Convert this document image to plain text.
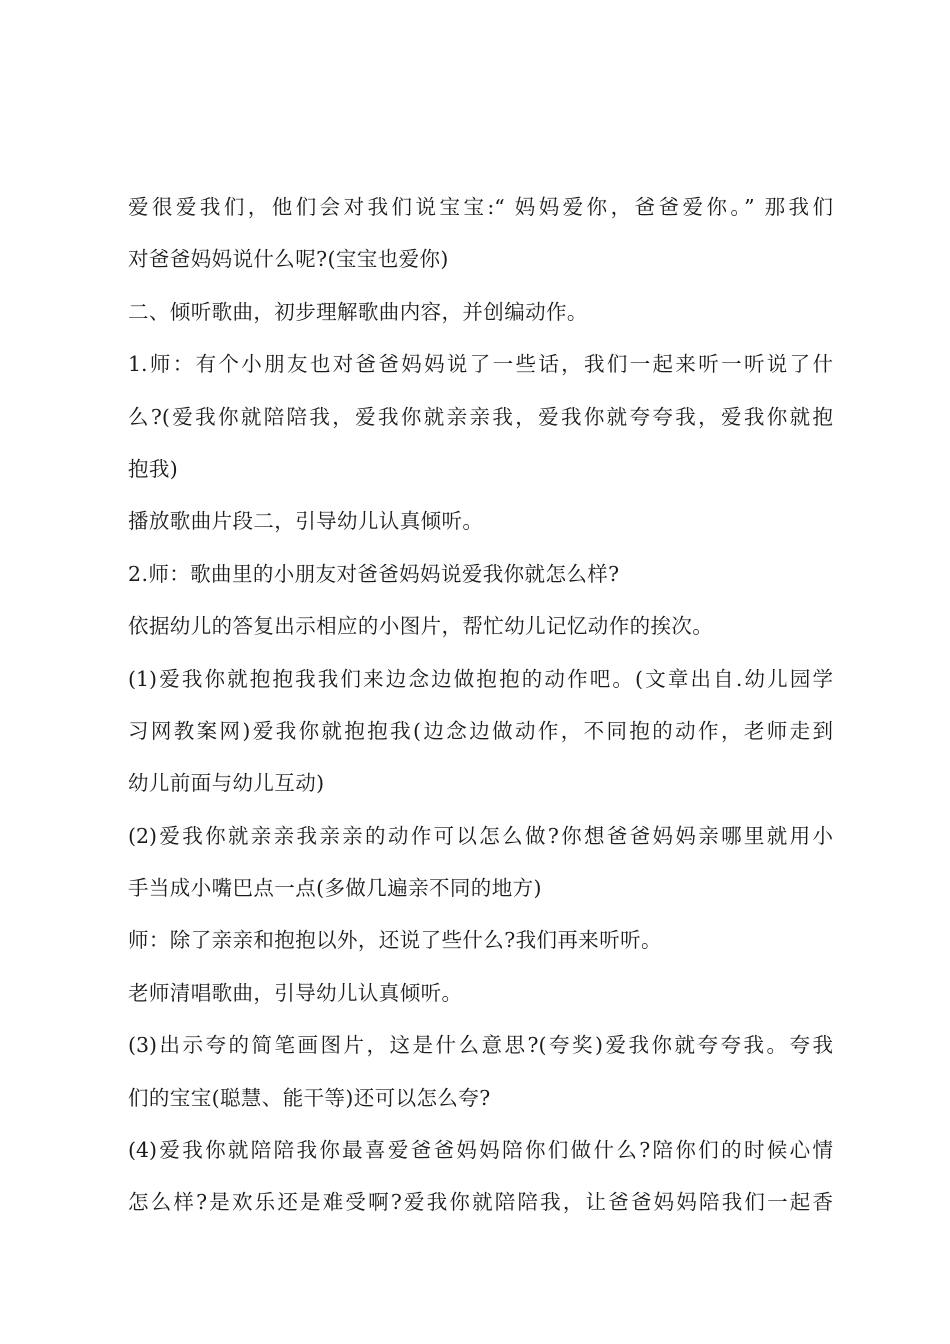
爱很爱我们，他们会对我们说宝宝:“ 妈妈爱你，爸爸爱你。” 那我们
对爸爸妈妈说什么呢?(宝宝也爱你)
二、倾听歌曲，初步理解歌曲内容，并创编动作。
1.师：有个小朋友也对爸爸妈妈说了一些话，我们一起来听一听说了什
么?(爱我你就陪陪我，爱我你就亲亲我，爱我你就夸夸我，爱我你就抱
抱我)
播放歌曲片段二，引导幼儿认真倾听。
2.师：歌曲里的小朋友对爸爸妈妈说爱我你就怎么样?
依据幼儿的答复出示相应的小图片，帮忙幼儿记忆动作的挨次。
(1)爱我你就抱抱我我们来边念边做抱抱的动作吧。(文章出自.幼儿园学
习网教案网)爱我你就抱抱我(边念边做动作，不同抱的动作，老师走到
幼儿前面与幼儿互动)
(2)爱我你就亲亲我亲亲的动作可以怎么做?你想爸爸妈妈亲哪里就用小
手当成小嘴巴点一点(多做几遍亲不同的地方)
师：除了亲亲和抱抱以外，还说了些什么?我们再来听听。
老师清唱歌曲，引导幼儿认真倾听。
(3)出示夸的简笔画图片，这是什么意思?(夸奖)爱我你就夸夸我。夸我
们的宝宝(聪慧、能干等)还可以怎么夸?
(4)爱我你就陪陪我你最喜爱爸爸妈妈陪你们做什么?陪你们的时候心情
怎么样?是欢乐还是难受啊?爱我你就陪陪我，让爸爸妈妈陪我们一起香
